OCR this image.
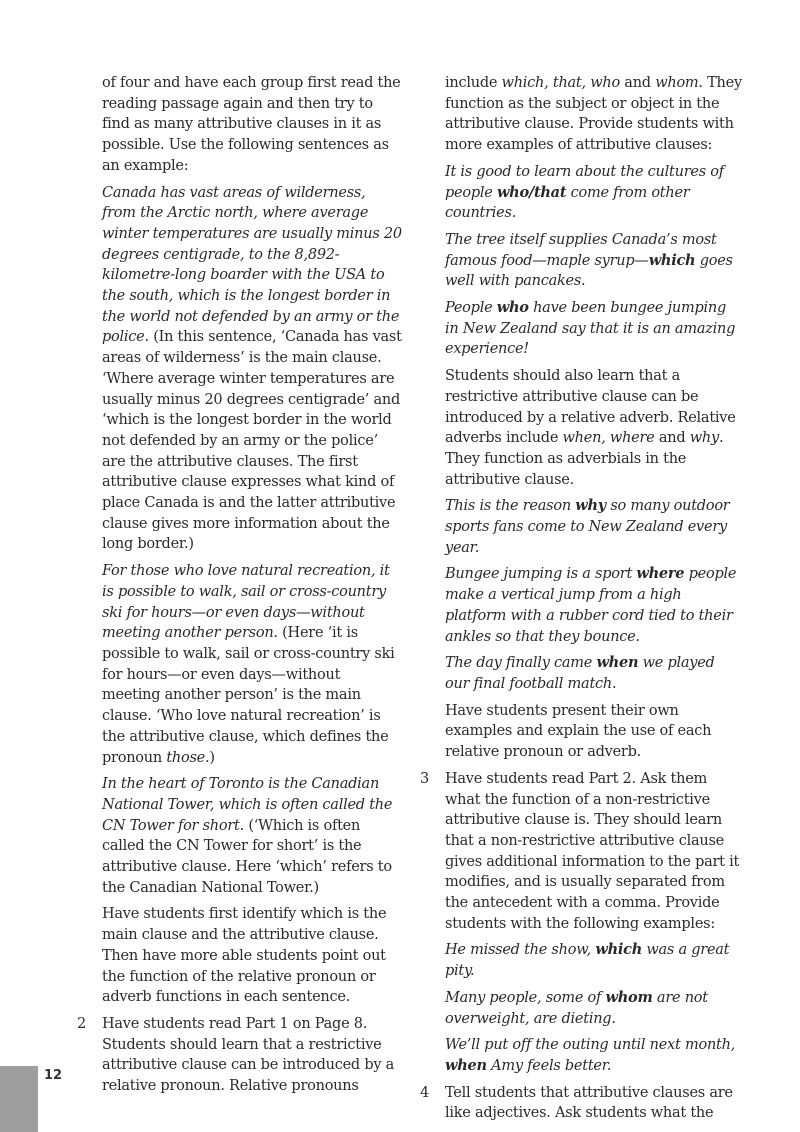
of four and have each group first read the reading passage again and then try to find as many attributive clauses in it as possible. Use the following sentences as an example:

Canada has vast areas of wilderness, from the Arctic north, where average winter temperatures are usually minus 20 degrees centigrade, to the 8,892-kilometre-long boarder with the USA to the south, which is the longest border in the world not defended by an army or the police. (In this sentence, ‘Canada has vast areas of wilderness’ is the main clause. ‘Where average winter temperatures are usually minus 20 degrees centigrade’ and ‘which is the longest border in the world not defended by an army or the police’ are the attributive clauses. The first attributive clause expresses what kind of place Canada is and the latter attributive clause gives more information about the long border.)

For those who love natural recreation, it is possible to walk, sail or cross-country ski for hours—or even days—without meeting another person. (Here ‘it is possible to walk, sail or cross-country ski for hours—or even days—without meeting another person’ is the main clause. ‘Who love natural recreation’ is the attributive clause, which defines the pronoun those.)

In the heart of Toronto is the Canadian National Tower, which is often called the CN Tower for short. (‘Which is often called the CN Tower for short’ is the attributive clause. Here ‘which’ refers to the Canadian National Tower.)

Have students first identify which is the main clause and the attributive clause. Then have more able students point out the function of the relative pronoun or adverb functions in each sentence.

2 Have students read Part 1 on Page 8. Students should learn that a restrictive attributive clause can be introduced by a relative pronoun. Relative pronouns

include which, that, who and whom. They function as the subject or object in the attributive clause. Provide students with more examples of attributive clauses:

It is good to learn about the cultures of people who/that come from other countries.

The tree itself supplies Canada’s most famous food—maple syrup—which goes well with pancakes.

People who have been bungee jumping in New Zealand say that it is an amazing experience!

Students should also learn that a restrictive attributive clause can be introduced by a relative adverb. Relative adverbs include when, where and why. They function as adverbials in the attributive clause.

This is the reason why so many outdoor sports fans come to New Zealand every year.

Bungee jumping is a sport where people make a vertical jump from a high platform with a rubber cord tied to their ankles so that they bounce.

The day finally came when we played our final football match.

Have students present their own examples and explain the use of each relative pronoun or adverb.

3 Have students read Part 2. Ask them what the function of a non-restrictive attributive clause is. They should learn that a non-restrictive attributive clause gives additional information to the part it modifies, and is usually separated from the antecedent with a comma. Provide students with the following examples:

He missed the show, which was a great pity.

Many people, some of whom are not overweight, are dieting.

We’ll put off the outing until next month, when Amy feels better.

4 Tell students that attributive clauses are like adjectives. Ask students what the

12
